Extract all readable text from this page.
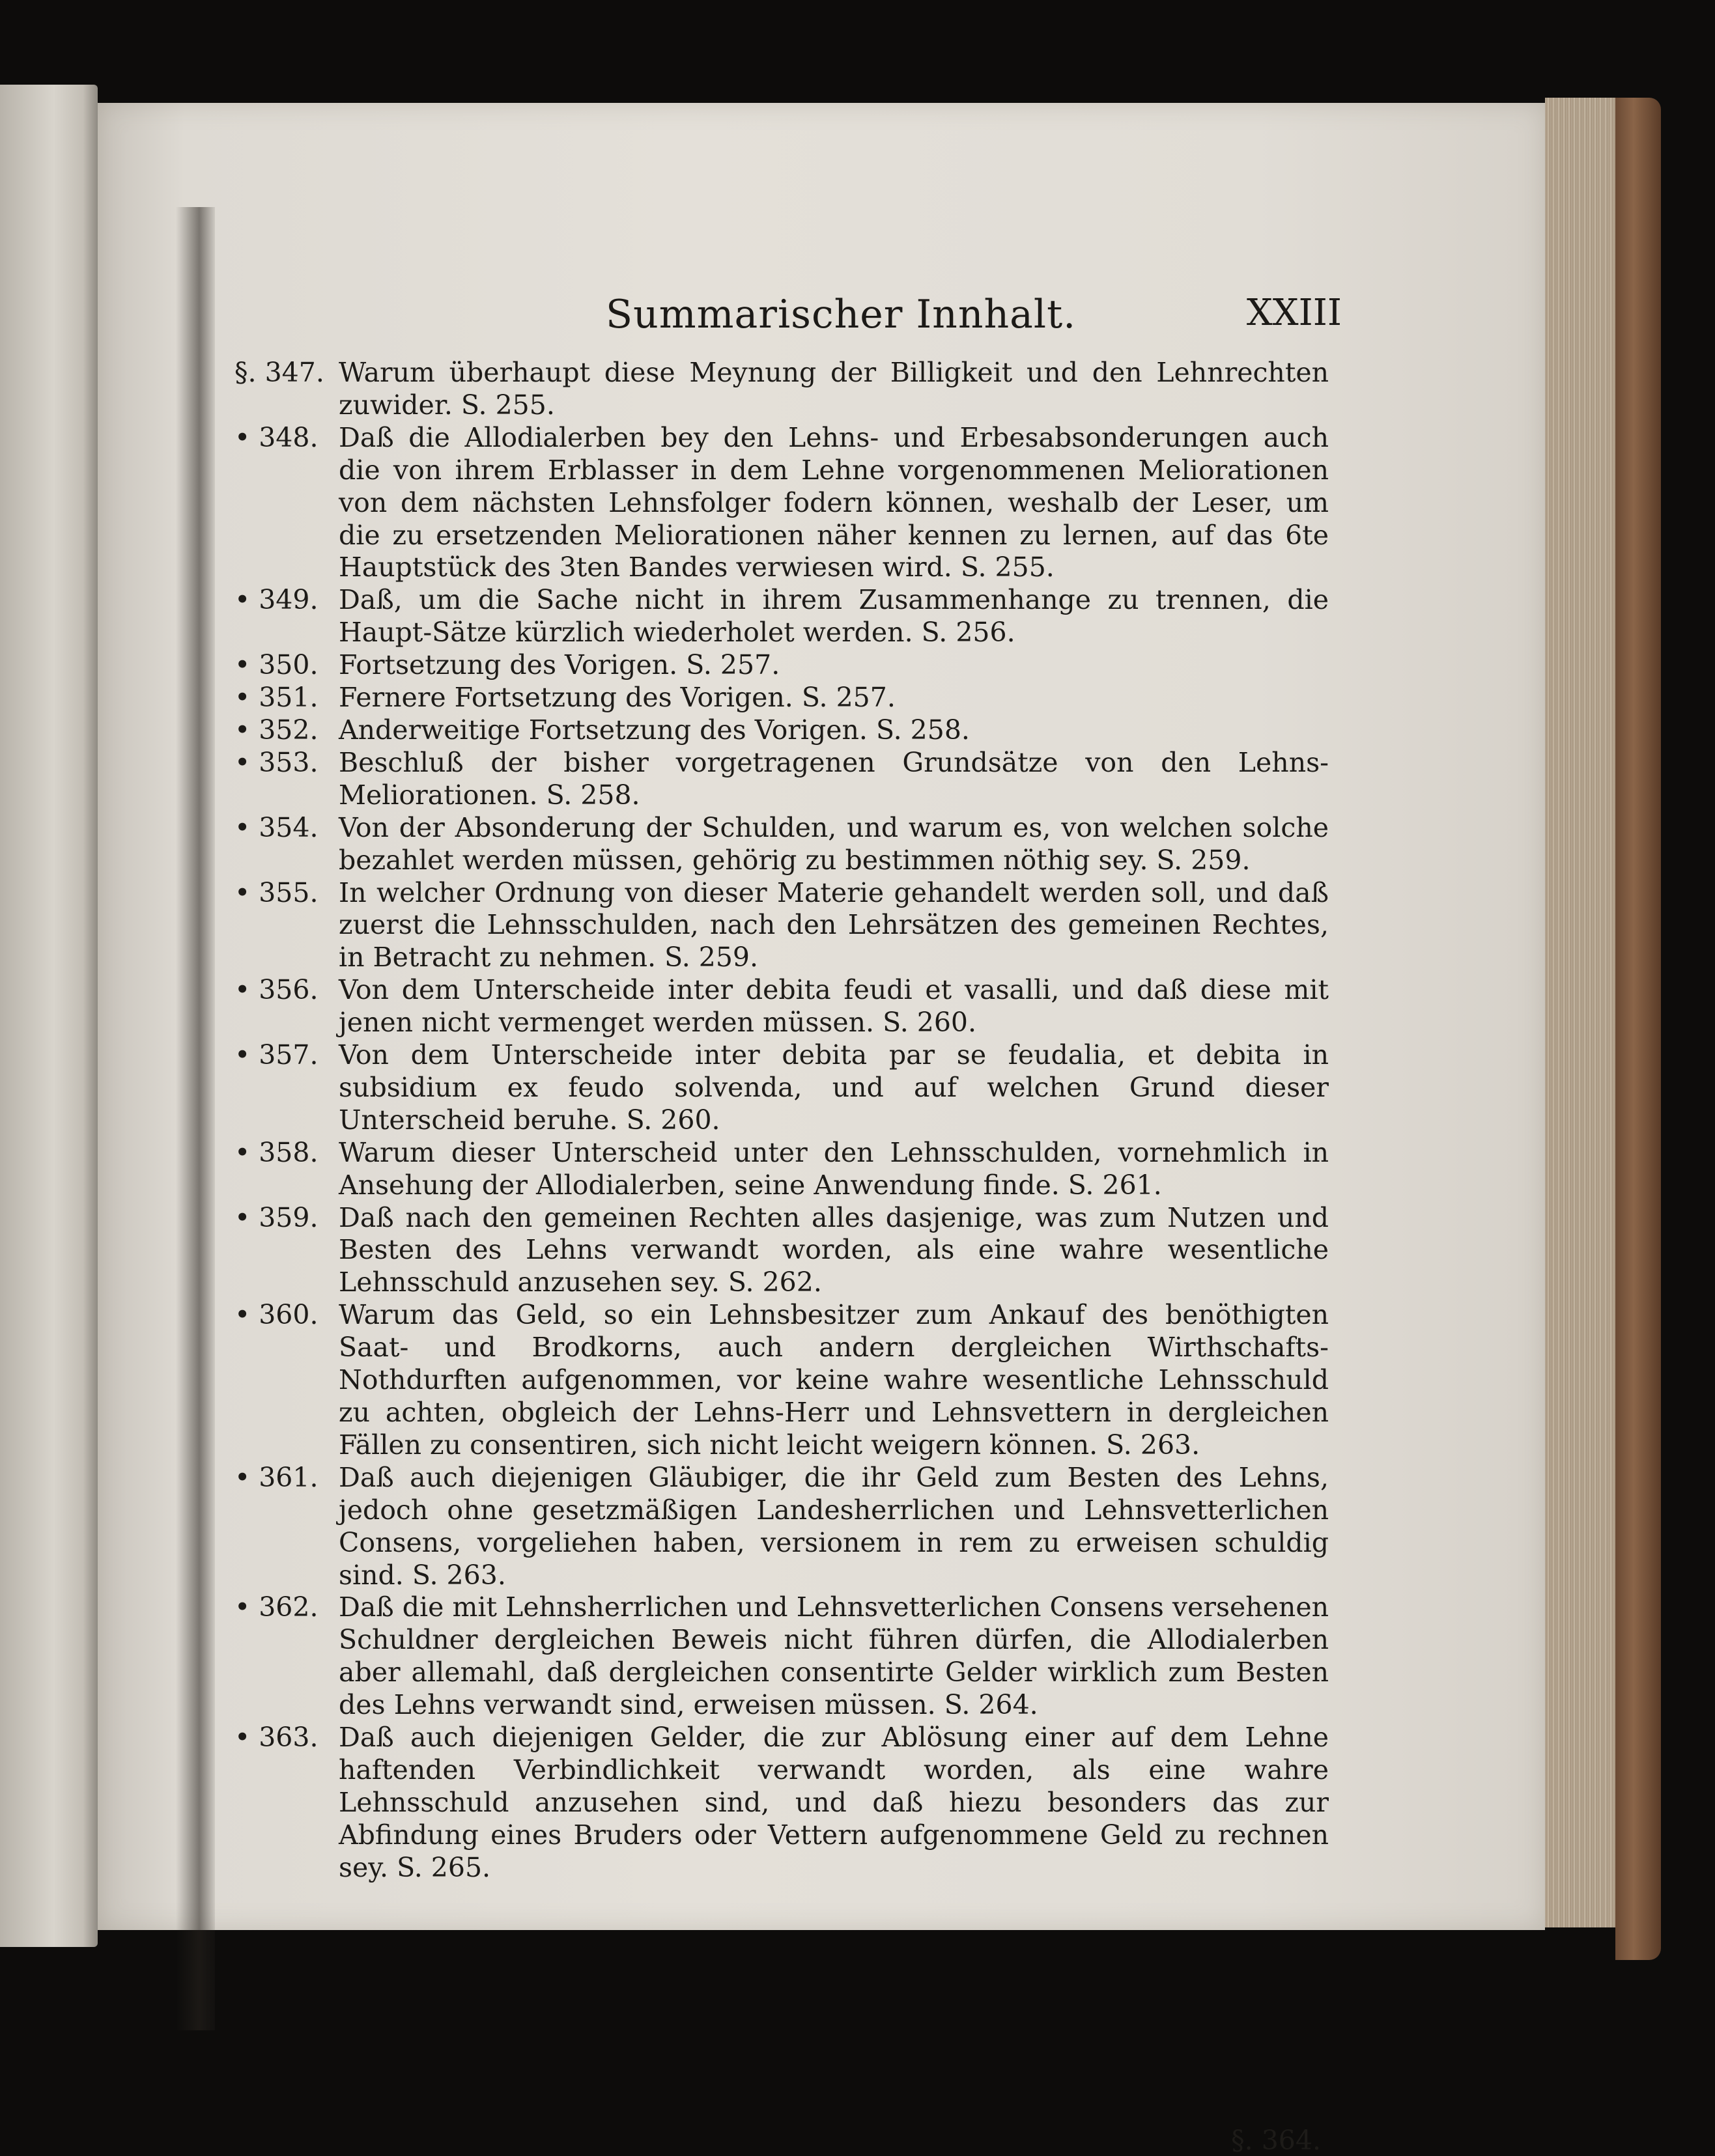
Summarischer Innhalt.	XXIII
§. 347. Warum überhaupt diese Meynung der Billigkeit und den Lehnrechten zuwider. S. 255.
• 348. Daß die Allodialerben bey den Lehns- und Erbesabsonderungen auch die von ihrem Erblasser in dem Lehne vorgenommenen Meliorationen von dem nächsten Lehnsfolger fodern können, weshalb der Leser, um die zu ersetzenden Meliorationen näher kennen zu lernen, auf das 6te Hauptstück des 3ten Bandes verwiesen wird. S. 255.
• 349. Daß, um die Sache nicht in ihrem Zusammenhange zu trennen, die Haupt-Sätze kürzlich wiederholet werden. S. 256.
• 350. Fortsetzung des Vorigen. S. 257.
• 351. Fernere Fortsetzung des Vorigen. S. 257.
• 352. Anderweitige Fortsetzung des Vorigen. S. 258.
• 353. Beschluß der bisher vorgetragenen Grundsätze von den Lehns-Meliorationen. S. 258.
• 354. Von der Absonderung der Schulden, und warum es, von welchen solche bezahlet werden müssen, gehörig zu bestimmen nöthig sey. S. 259.
• 355. In welcher Ordnung von dieser Materie gehandelt werden soll, und daß zuerst die Lehnsschulden, nach den Lehrsätzen des gemeinen Rechtes, in Betracht zu nehmen. S. 259.
• 356. Von dem Unterscheide inter debita feudi et vasalli, und daß diese mit jenen nicht vermenget werden müssen. S. 260.
• 357. Von dem Unterscheide inter debita par se feudalia, et debita in subsidium ex feudo solvenda, und auf welchen Grund dieser Unterscheid beruhe. S. 260.
• 358. Warum dieser Unterscheid unter den Lehnsschulden, vornehmlich in Ansehung der Allodialerben, seine Anwendung finde. S. 261.
• 359. Daß nach den gemeinen Rechten alles dasjenige, was zum Nutzen und Besten des Lehns verwandt worden, als eine wahre wesentliche Lehnsschuld anzusehen sey. S. 262.
• 360. Warum das Geld, so ein Lehnsbesitzer zum Ankauf des benöthigten Saat- und Brodkorns, auch andern dergleichen Wirthschafts-Nothdurften aufgenommen, vor keine wahre wesentliche Lehnsschuld zu achten, obgleich der Lehns-Herr und Lehnsvettern in dergleichen Fällen zu consentiren, sich nicht leicht weigern können. S. 263.
• 361. Daß auch diejenigen Gläubiger, die ihr Geld zum Besten des Lehns, jedoch ohne gesetzmäßigen Landesherrlichen und Lehnsvetterlichen Consens, vorgeliehen haben, versionem in rem zu erweisen schuldig sind. S. 263.
• 362. Daß die mit Lehnsherrlichen und Lehnsvetterlichen Consens versehenen Schuldner dergleichen Beweis nicht führen dürfen, die Allodialerben aber allemahl, daß dergleichen consentirte Gelder wirklich zum Besten des Lehns verwandt sind, erweisen müssen. S. 264.
• 363. Daß auch diejenigen Gelder, die zur Ablösung einer auf dem Lehne haftenden Verbindlichkeit verwandt worden, als eine wahre Lehnsschuld anzusehen sind, und daß hiezu besonders das zur Abfindung eines Bruders oder Vettern aufgenommene Geld zu rechnen sey. S. 265.
§. 364.
